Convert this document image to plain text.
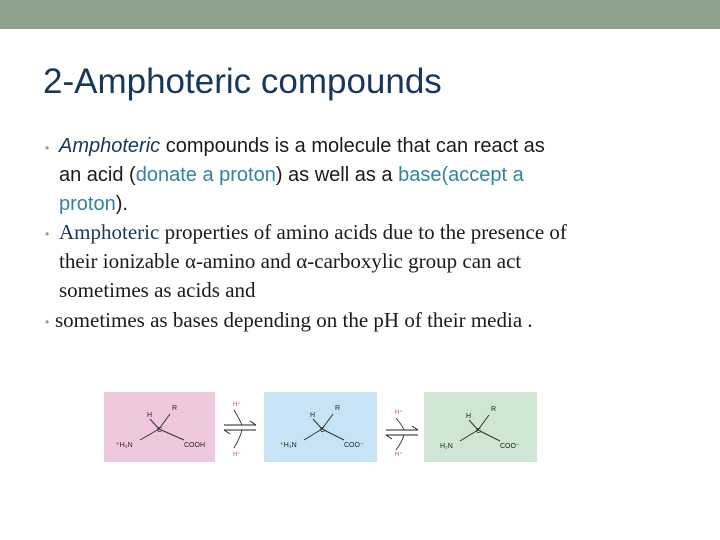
2-Amphoteric compounds
• Amphoteric compounds is a molecule that can react as
an acid (donate a proton) as well as a base(accept a
proton).
• Amphoteric properties of amino acids due to the presence of
their ionizable α-amino and α-carboxylic group can act
sometimes as acids and
• sometimes as bases depending on the pH of their media .
H
R
C
⁺H₃N	COOH
H⁺
H⁺
H
R
C
⁺H₃N	COO⁻
H⁺
H⁺
H
R
C
H₂N	COO⁻
